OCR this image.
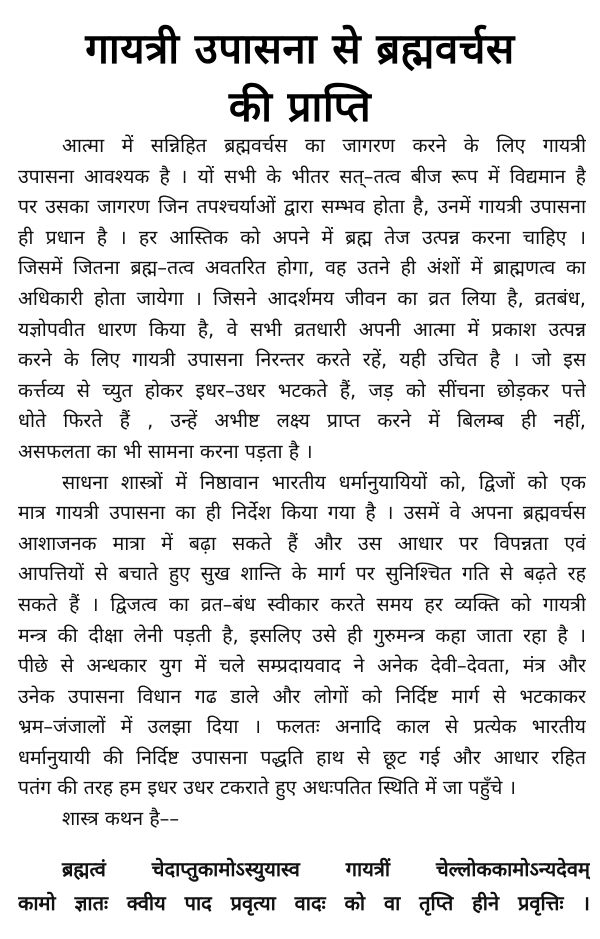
गायत्री उपासना से ब्रह्मवर्चस
की प्राप्ति
आत्मा में सन्निहित ब्रह्मवर्चस का जागरण करने के लिए गायत्री
उपासना आवश्यक है । यों सभी के भीतर सत्–तत्व बीज रूप में विद्यमान है
पर उसका जागरण जिन तपश्चर्याओं द्वारा सम्भव होता है, उनमें गायत्री उपासना
ही प्रधान है । हर आस्तिक को अपने में ब्रह्म तेज उत्पन्न करना चाहिए ।
जिसमें जितना ब्रह्म–तत्व अवतरित होगा, वह उतने ही अंशों में ब्राह्मणत्व का
अधिकारी होता जायेगा । जिसने आदर्शमय जीवन का व्रत लिया है, व्रतबंध,
यज्ञोपवीत धारण किया है, वे सभी व्रतधारी अपनी आत्मा में प्रकाश उत्पन्न
करने के लिए गायत्री उपासना निरन्तर करते रहें, यही उचित है । जो इस
कर्त्तव्य से च्युत होकर इधर–उधर भटकते हैं, जड़ को सींचना छोड़कर पत्ते
धोते फिरते हैं , उन्हें अभीष्ट लक्ष्य प्राप्त करने में बिलम्ब ही नहीं,
असफलता का भी सामना करना पड़ता है ।
साधना शास्त्रों में निष्ठावान भारतीय धर्मानुयायियों को, द्विजों को एक
मात्र गायत्री उपासना का ही निर्देश किया गया है । उसमें वे अपना ब्रह्मवर्चस
आशाजनक मात्रा में बढ़ा सकते हैं और उस आधार पर विपन्नता एवं
आपत्तियों से बचाते हुए सुख शान्ति के मार्ग पर सुनिश्चित गति से बढ़ते रह
सकते हैं । द्विजत्व का व्रत–बंध स्वीकार करते समय हर व्यक्ति को गायत्री
मन्त्र की दीक्षा लेनी पड़ती है, इसलिए उसे ही गुरुमन्त्र कहा जाता रहा है ।
पीछे से अन्धकार युग में चले सम्प्रदायवाद ने अनेक देवी–देवता, मंत्र और
उनेक उपासना विधान गढ डाले और लोगों को निर्दिष्ट मार्ग से भटकाकर
भ्रम–जंजालों में उलझा दिया । फलतः अनादि काल से प्रत्येक भारतीय
धर्मानुयायी की निर्दिष्ट उपासना पद्धति हाथ से छूट गई और आधार रहित
पतंग की तरह हम इधर उधर टकराते हुए अधःपतित स्थिति में जा पहुँचे ।
शास्त्र कथन है––
ब्रह्मत्वं चेदाप्तुकामोऽस्युयास्व गायत्रीं चेल्लोककामोऽन्यदेवम्
कामो ज्ञातः क्वीय पाद प्रवृत्या वादः को वा तृप्ति हीने प्रवृत्तिः ।
